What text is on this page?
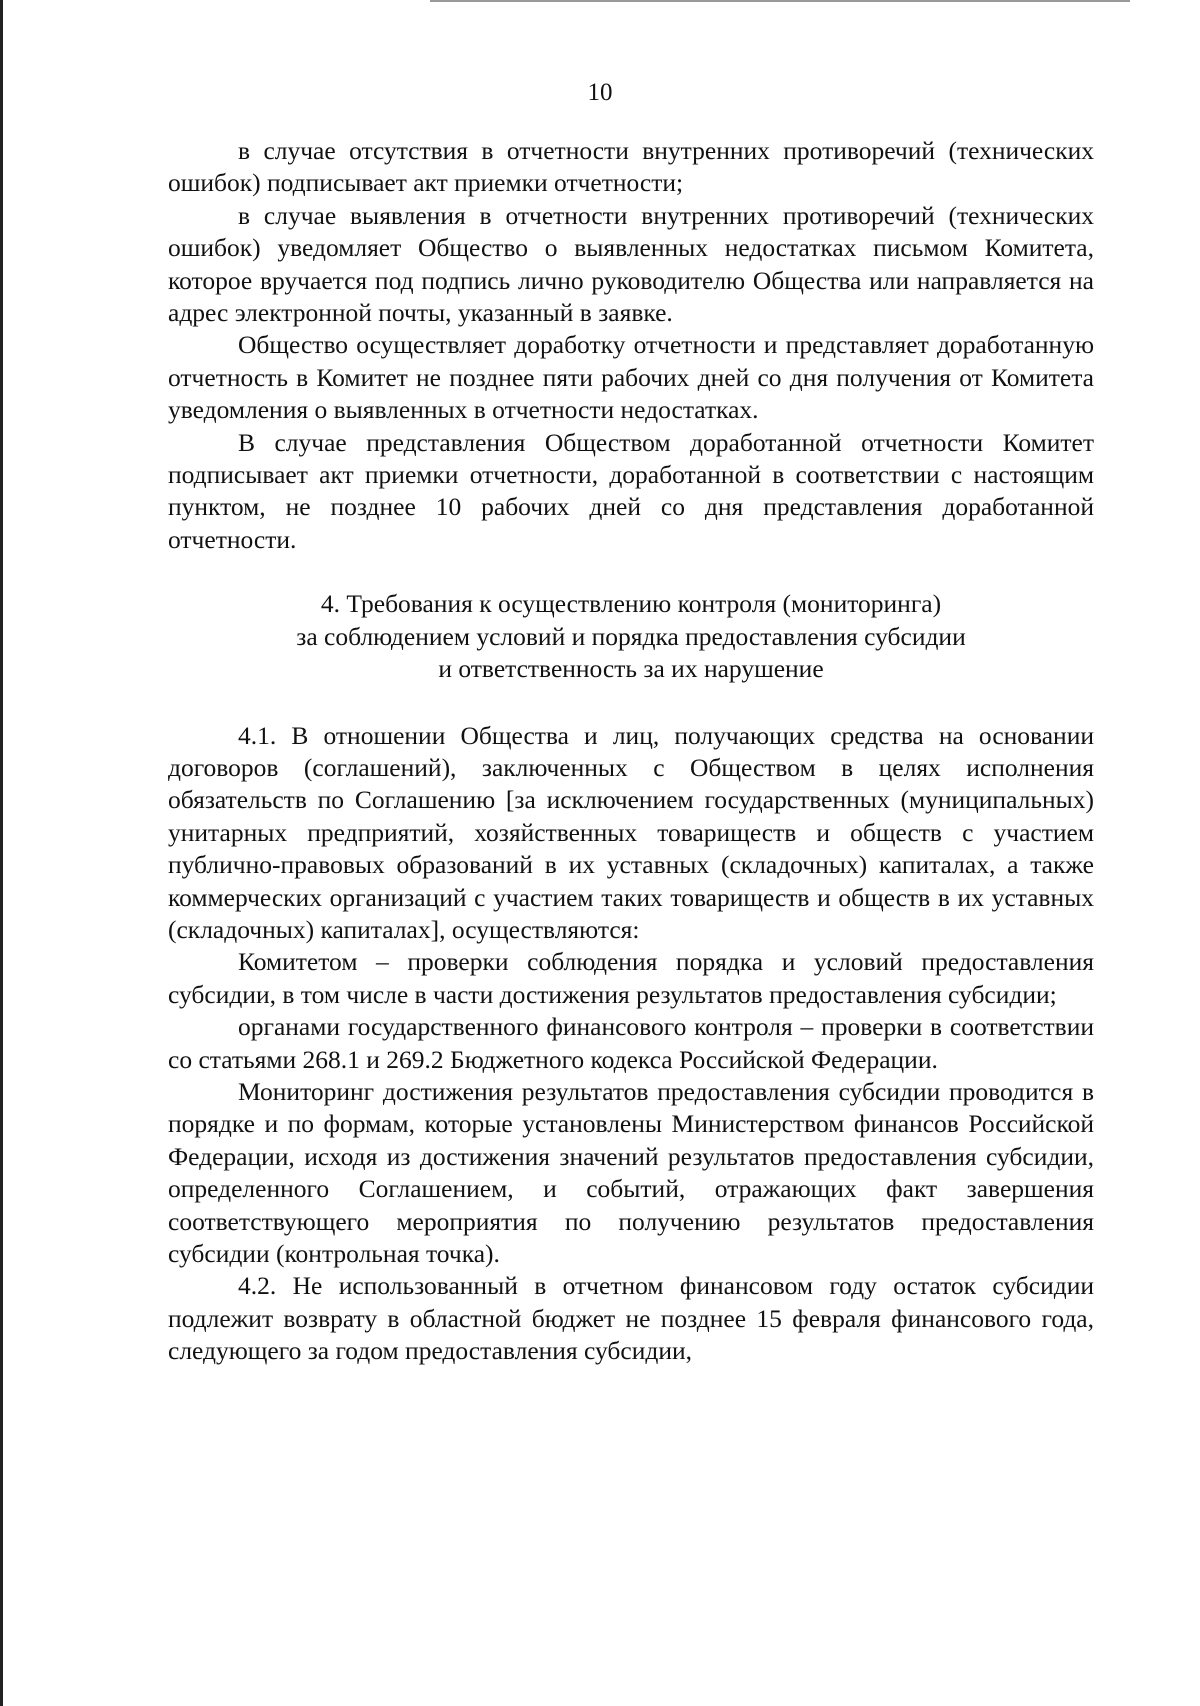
10

в случае отсутствия в отчетности внутренних противоречий (технических ошибок) подписывает акт приемки отчетности;

в случае выявления в отчетности внутренних противоречий (технических ошибок) уведомляет Общество о выявленных недостатках письмом Комитета, которое вручается под подпись лично руководителю Общества или направляется на адрес электронной почты, указанный в заявке.

Общество осуществляет доработку отчетности и представляет доработанную отчетность в Комитет не позднее пяти рабочих дней со дня получения от Комитета уведомления о выявленных в отчетности недостатках.

В случае представления Обществом доработанной отчетности Комитет подписывает акт приемки отчетности, доработанной в соответствии с настоящим пунктом, не позднее 10 рабочих дней со дня представления доработанной отчетности.

4. Требования к осуществлению контроля (мониторинга)
за соблюдением условий и порядка предоставления субсидии
и ответственность за их нарушение

4.1. В отношении Общества и лиц, получающих средства на основании договоров (соглашений), заключенных с Обществом в целях исполнения обязательств по Соглашению [за исключением государственных (муниципальных) унитарных предприятий, хозяйственных товариществ и обществ с участием публично-правовых образований в их уставных (складочных) капиталах, а также коммерческих организаций с участием таких товариществ и обществ в их уставных (складочных) капиталах], осуществляются:

Комитетом – проверки соблюдения порядка и условий предоставления субсидии, в том числе в части достижения результатов предоставления субсидии;

органами государственного финансового контроля – проверки в соответствии со статьями 268.1 и 269.2 Бюджетного кодекса Российской Федерации.

Мониторинг достижения результатов предоставления субсидии проводится в порядке и по формам, которые установлены Министерством финансов Российской Федерации, исходя из достижения значений результатов предоставления субсидии, определенного Соглашением, и событий, отражающих факт завершения соответствующего мероприятия по получению результатов предоставления субсидии (контрольная точка).

4.2. Не использованный в отчетном финансовом году остаток субсидии подлежит возврату в областной бюджет не позднее 15 февраля финансового года, следующего за годом предоставления субсидии,
